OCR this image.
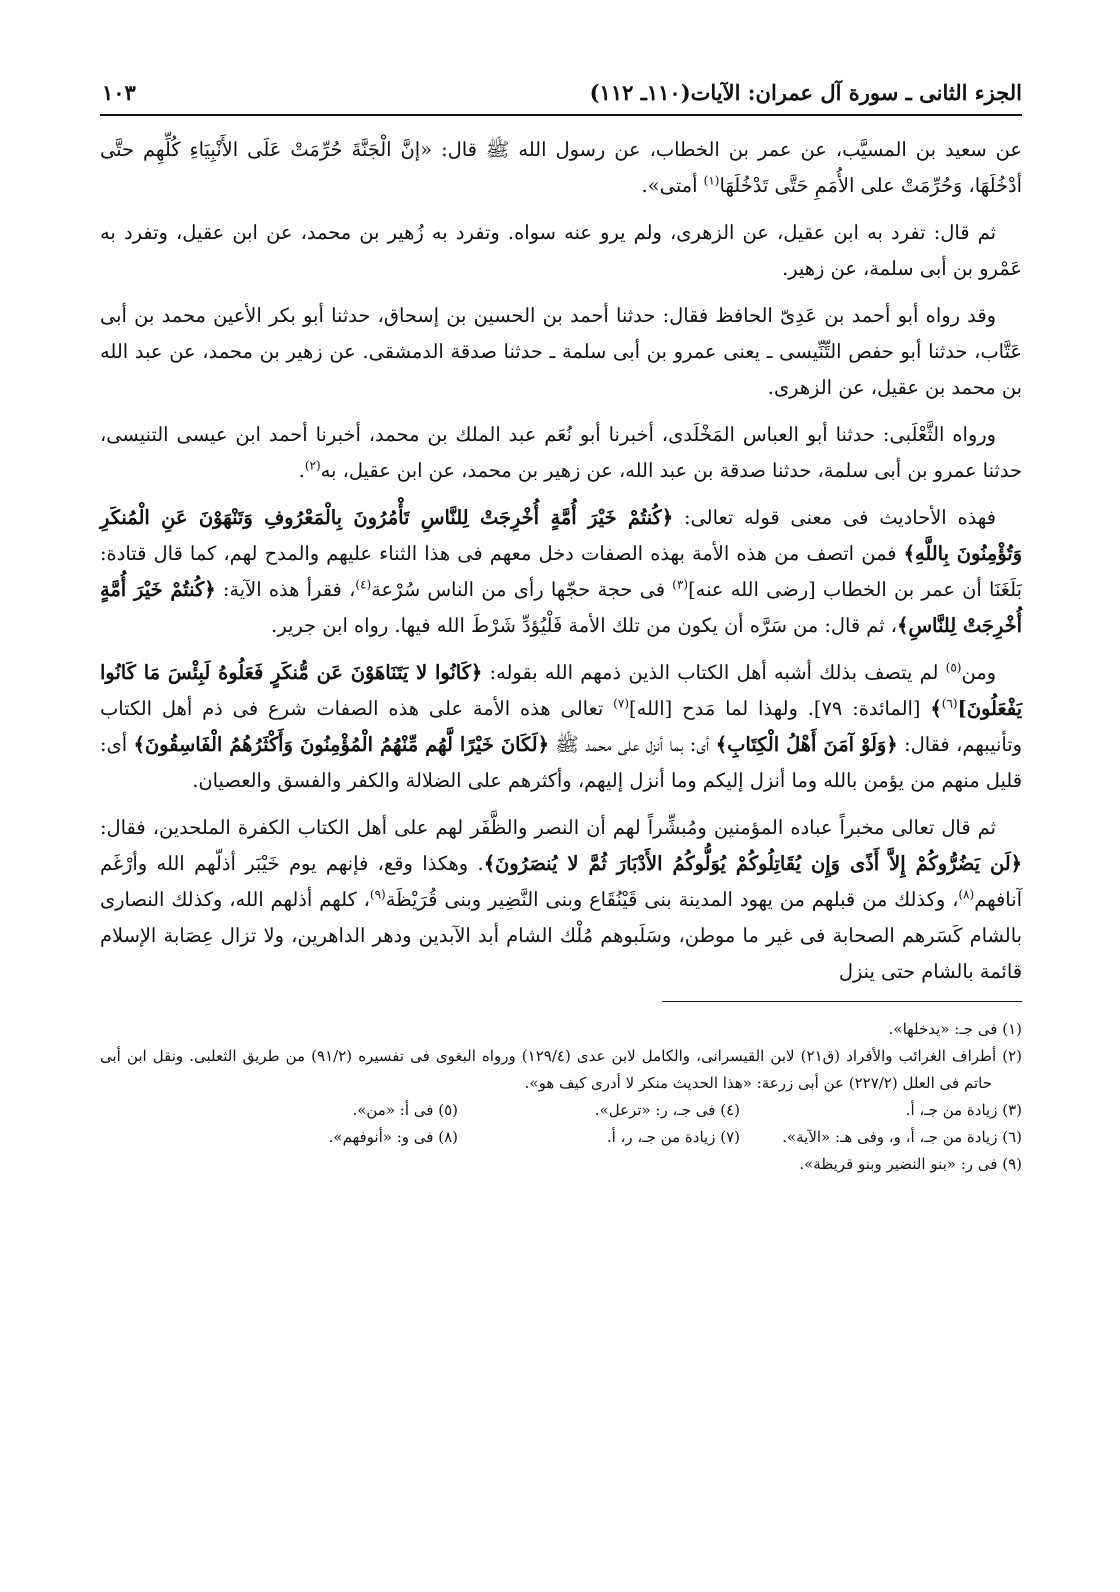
الجزء الثانى ـ سورة آل عمران: الآيات(١١٠ـ ١١٢)
١٠٣

عن سعيد بن المسيَّب، عن عمر بن الخطاب، عن رسول الله ﷺ قال: «إنَّ الْجَنَّةَ حُرِّمَتْ عَلَى الأَنْبِيَاءِ كُلِّهِم حتَّى أدْخُلَهَا، وَحُرِّمَتْ على الأُمَمِ حَتَّى تَدْخُلَهَا$^{(١)}$ أمتى».

ثم قال: تفرد به ابن عقيل، عن الزهرى، ولم يرو عنه سواه. وتفرد به زُهير بن محمد، عن ابن عقيل، وتفرد به عَمْرو بن أبى سلمة، عن زهير.

وقد رواه أبو أحمد بن عَدِىّ الحافظ فقال: حدثنا أحمد بن الحسين بن إسحاق، حدثنا أبو بكر الأعين محمد بن أبى عَتَّاب، حدثنا أبو حفص التِّنِّيسى ـ يعنى عمرو بن أبى سلمة ـ حدثنا صدقة الدمشقى. عن زهير بن محمد، عن عبد الله بن محمد بن عقيل، عن الزهرى.

ورواه الثَّعْلَبى: حدثنا أبو العباس المَخْلَدى، أخبرنا أبو نُعَم عبد الملك بن محمد، أخبرنا أحمد ابن عيسى التنيسى، حدثنا عمرو بن أبى سلمة، حدثنا صدقة بن عبد الله، عن زهير بن محمد، عن ابن عقيل، به$^{(٢)}$.

فهذه الأحاديث فى معنى قوله تعالى: ﴿كُنتُمْ خَيْرَ أُمَّةٍ أُخْرِجَتْ لِلنَّاسِ تَأْمُرُونَ بِالْمَعْرُوفِ وَتَنْهَوْنَ عَنِ الْمُنكَرِ وَتُؤْمِنُونَ بِاللَّهِ﴾ فمن اتصف من هذه الأمة بهذه الصفات دخل معهم فى هذا الثناء عليهم والمدح لهم، كما قال قتادة: بَلَغَنَا أن عمر بن الخطاب [رضى الله عنه]$^{(٣)}$ فى حجة حجّها رأى من الناس سُرْعة$^{(٤)}$، فقرأ هذه الآية: ﴿كُنتُمْ خَيْرَ أُمَّةٍ أُخْرِجَتْ لِلنَّاسِ﴾، ثم قال: من سَرَّه أن يكون من تلك الأمة فَلْيُؤدِّ شَرْطَ الله فيها. رواه ابن جرير.

ومن$^{(٥)}$ لم يتصف بذلك أشبه أهل الكتاب الذين ذمهم الله بقوله: ﴿كَانُوا لا يَتَنَاهَوْنَ عَن مُّنكَرٍ فَعَلُوهُ لَبِئْسَ مَا كَانُوا يَفْعَلُونَ]$^{(٦)}$﴾ [المائدة: ٧٩]. ولهذا لما مَدح [الله]$^{(٧)}$ تعالى هذه الأمة على هذه الصفات شرع فى ذم أهل الكتاب وتأنيبهم، فقال: ﴿وَلَوْ آمَنَ أَهْلُ الْكِتَابِ﴾ أى: بما أنزل على محمد ﷺ ﴿لَكَانَ خَيْرًا لَّهُم مِّنْهُمُ الْمُؤْمِنُونَ وَأَكْثَرُهُمُ الْفَاسِقُونَ﴾ أى: قليل منهم من يؤمن بالله وما أنزل إليكم وما أنزل إليهم، وأكثرهم على الضلالة والكفر والفسق والعصيان.

ثم قال تعالى مخبراً عباده المؤمنين ومُبشِّراً لهم أن النصر والظَّفَر لهم على أهل الكتاب الكفرة الملحدين، فقال: ﴿لَن يَضُرُّوكُمْ إِلاَّ أَذًى وَإِن يُقَاتِلُوكُمْ يُوَلُّوكُمُ الأَدْبَارَ ثُمَّ لا يُنصَرُونَ﴾. وهكذا وقع، فإنهم يوم خَيْبَر أذلّهم الله وأرْغَم آنافهم$^{(٨)}$، وكذلك من قبلهم من يهود المدينة بنى قَيْنُقَاع وبنى النَّضِير وبنى قُرَيْظَة$^{(٩)}$، كلهم أذلهم الله، وكذلك النصارى بالشام كَسَرهم الصحابة فى غير ما موطن، وسَلَبوهم مُلْك الشام أبد الآبدين ودهر الداهرين، ولا تزال عِصَابة الإسلام قائمة بالشام حتى ينزل

(١) فى جـ: «يدخلها».

(٢) أطراف الغرائب والأفراد (ق٢١) لابن القيسرانى، والكامل لابن عدى (١٢٩/٤) ورواه البغوى فى تفسيره (٩١/٢) من طريق الثعلبى. ونقل ابن أبى حاتم فى العلل (٢٢٧/٢) عن أبى زرعة: «هذا الحديث منكر لا أدرى كيف هو».

(٣) زيادة من جـ، أ.
(٤) فى جـ، ر: «ترعل».
(٥) فى أ: «من».
(٦) زيادة من جـ، أ، و، وفى هـ: «الآية».
(٧) زيادة من جـ، ر، أ.
(٨) فى و: «أنوفهم».

(٩) فى ر: «بنو النضير وبنو قريظة».
